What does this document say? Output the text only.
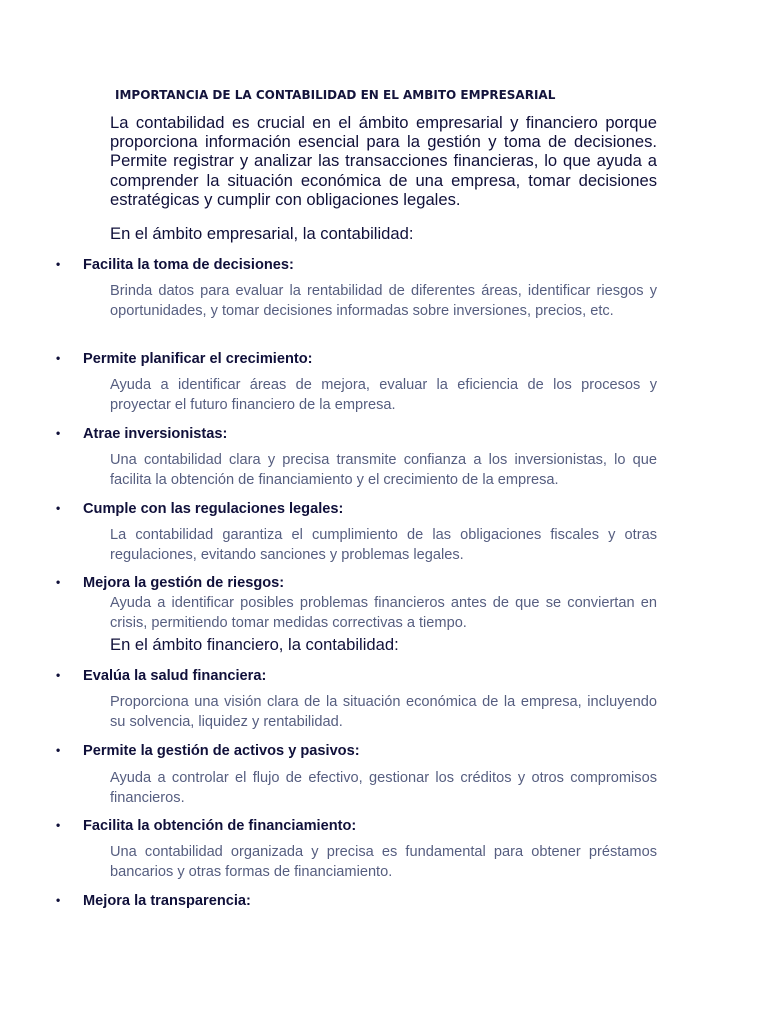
IMPORTANCIA DE LA CONTABILIDAD EN EL AMBITO EMPRESARIAL

La contabilidad es crucial en el ámbito empresarial y financiero porque proporciona información esencial para la gestión y toma de decisiones. Permite registrar y analizar las transacciones financieras, lo que ayuda a comprender la situación económica de una empresa, tomar decisiones estratégicas y cumplir con obligaciones legales.

En el ámbito empresarial, la contabilidad:

• Facilita la toma de decisiones:

Brinda datos para evaluar la rentabilidad de diferentes áreas, identificar riesgos y oportunidades, y tomar decisiones informadas sobre inversiones, precios, etc.

• Permite planificar el crecimiento:

Ayuda a identificar áreas de mejora, evaluar la eficiencia de los procesos y proyectar el futuro financiero de la empresa.

• Atrae inversionistas:

Una contabilidad clara y precisa transmite confianza a los inversionistas, lo que facilita la obtención de financiamiento y el crecimiento de la empresa.

• Cumple con las regulaciones legales:

La contabilidad garantiza el cumplimiento de las obligaciones fiscales y otras regulaciones, evitando sanciones y problemas legales.

• Mejora la gestión de riesgos:

Ayuda a identificar posibles problemas financieros antes de que se conviertan en crisis, permitiendo tomar medidas correctivas a tiempo.

En el ámbito financiero, la contabilidad:

• Evalúa la salud financiera:

Proporciona una visión clara de la situación económica de la empresa, incluyendo su solvencia, liquidez y rentabilidad.

• Permite la gestión de activos y pasivos:

Ayuda a controlar el flujo de efectivo, gestionar los créditos y otros compromisos financieros.

• Facilita la obtención de financiamiento:

Una contabilidad organizada y precisa es fundamental para obtener préstamos bancarios y otras formas de financiamiento.

• Mejora la transparencia:
